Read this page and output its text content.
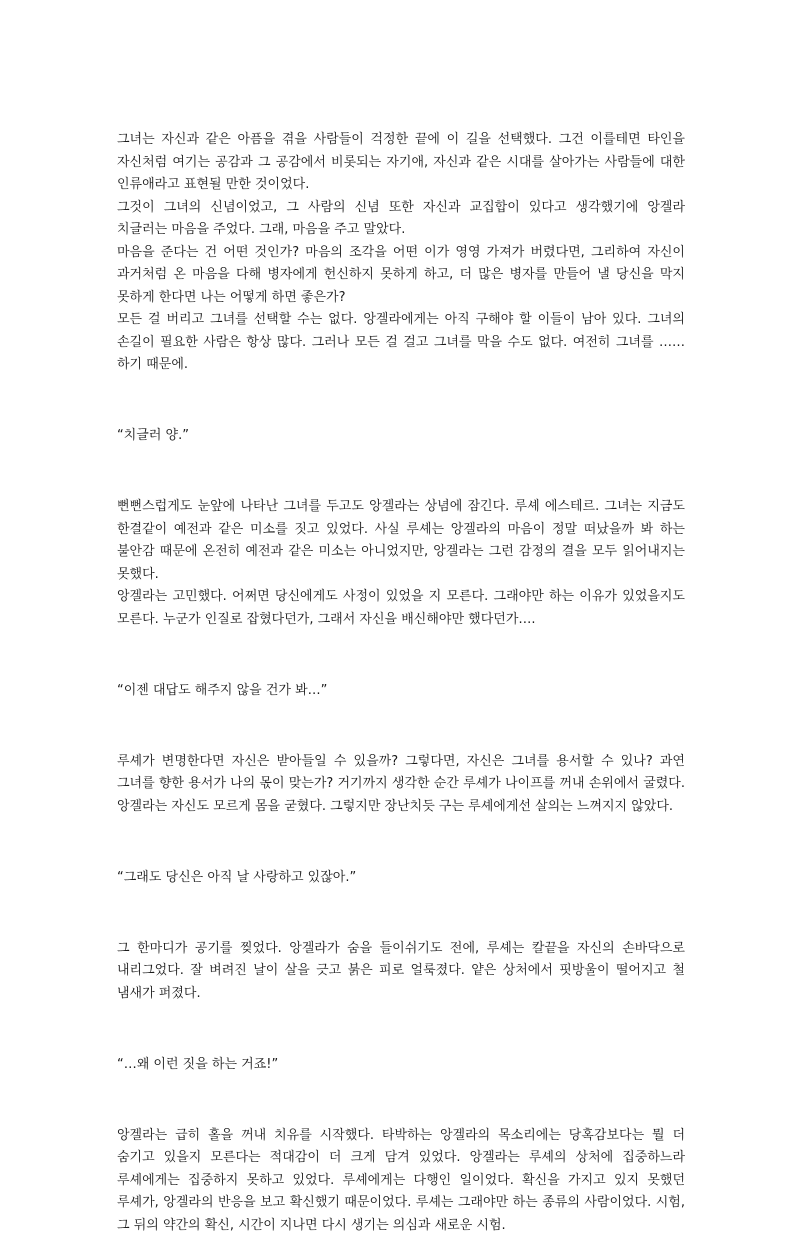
그녀는 자신과 같은 아픔을 겪을 사람들이 걱정한 끝에 이 길을 선택했다. 그건 이를테면 타인을 자신처럼 여기는 공감과 그 공감에서 비롯되는 자기애, 자신과 같은 시대를 살아가는 사람들에 대한 인류애라고 표현될 만한 것이었다.

그것이 그녀의 신념이었고, 그 사람의 신념 또한 자신과 교집합이 있다고 생각했기에 앙겔라 치글러는 마음을 주었다. 그래, 마음을 주고 말았다.

마음을 준다는 건 어떤 것인가? 마음의 조각을 어떤 이가 영영 가져가 버렸다면, 그리하여 자신이 과거처럼 온 마음을 다해 병자에게 헌신하지 못하게 하고, 더 많은 병자를 만들어 낼 당신을 막지 못하게 한다면 나는 어떻게 하면 좋은가?

모든 걸 버리고 그녀를 선택할 수는 없다. 앙겔라에게는 아직 구해야 할 이들이 남아 있다. 그녀의 손길이 필요한 사람은 항상 많다. 그러나 모든 걸 걸고 그녀를 막을 수도 없다. 여전히 그녀를 ……하기 때문에.

“치글러 양.”

뻔뻔스럽게도 눈앞에 나타난 그녀를 두고도 앙겔라는 상념에 잠긴다. 루셰 에스테르. 그녀는 지금도 한결같이 예전과 같은 미소를 짓고 있었다. 사실 루셰는 앙겔라의 마음이 정말 떠났을까 봐 하는 불안감 때문에 온전히 예전과 같은 미소는 아니었지만, 앙겔라는 그런 감정의 결을 모두 읽어내지는 못했다.

앙겔라는 고민했다. 어쩌면 당신에게도 사정이 있었을 지 모른다. 그래야만 하는 이유가 있었을지도 모른다. 누군가 인질로 잡혔다던가, 그래서 자신을 배신해야만 했다던가….

“이젠 대답도 해주지 않을 건가 봐…”

루셰가 변명한다면 자신은 받아들일 수 있을까? 그렇다면, 자신은 그녀를 용서할 수 있나? 과연 그녀를 향한 용서가 나의 몫이 맞는가? 거기까지 생각한 순간 루셰가 나이프를 꺼내 손위에서 굴렸다. 앙겔라는 자신도 모르게 몸을 굳혔다. 그렇지만 장난치듯 구는 루셰에게선 살의는 느껴지지 않았다.

“그래도 당신은 아직 날 사랑하고 있잖아.”

그 한마디가 공기를 찢었다. 앙겔라가 숨을 들이쉬기도 전에, 루셰는 칼끝을 자신의 손바닥으로 내리그었다. 잘 벼려진 날이 살을 긋고 붉은 피로 얼룩졌다. 얕은 상처에서 핏방울이 떨어지고 철 냄새가 퍼졌다.

“…왜 이런 짓을 하는 거죠!”

앙겔라는 급히 홀을 꺼내 치유를 시작했다. 타박하는 앙겔라의 목소리에는 당혹감보다는 뭘 더 숨기고 있을지 모른다는 적대감이 더 크게 담겨 있었다. 앙겔라는 루셰의 상처에 집중하느라 루셰에게는 집중하지 못하고 있었다. 루셰에게는 다행인 일이었다. 확신을 가지고 있지 못했던 루셰가, 앙겔라의 반응을 보고 확신했기 때문이었다. 루셰는 그래야만 하는 종류의 사람이었다. 시험, 그 뒤의 약간의 확신, 시간이 지나면 다시 생기는 의심과 새로운 시험.
